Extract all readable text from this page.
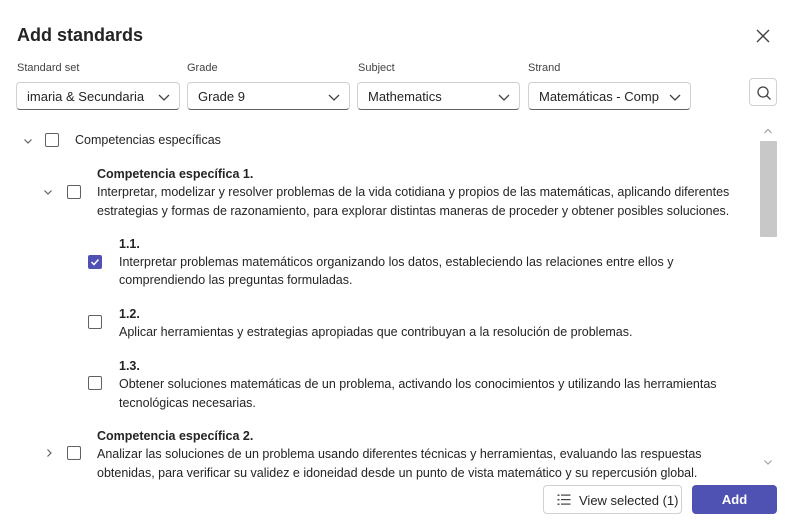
Add standards
Standard set
imaria & Secundaria
Grade
Grade 9
Subject
Mathematics
Strand
Matemáticas - Comp
Competencias específicas
Competencia específica 1.
Interpretar, modelizar y resolver problemas de la vida cotidiana y propios de las matemáticas, aplicando diferentes
estrategias y formas de razonamiento, para explorar distintas maneras de proceder y obtener posibles soluciones.
1.1.
Interpretar problemas matemáticos organizando los datos, estableciendo las relaciones entre ellos y
comprendiendo las preguntas formuladas.
1.2.
Aplicar herramientas y estrategias apropiadas que contribuyan a la resolución de problemas.
1.3.
Obtener soluciones matemáticas de un problema, activando los conocimientos y utilizando las herramientas
tecnológicas necesarias.
Competencia específica 2.
Analizar las soluciones de un problema usando diferentes técnicas y herramientas, evaluando las respuestas
obtenidas, para verificar su validez e idoneidad desde un punto de vista matemático y su repercusión global.
View selected (1)	Add
